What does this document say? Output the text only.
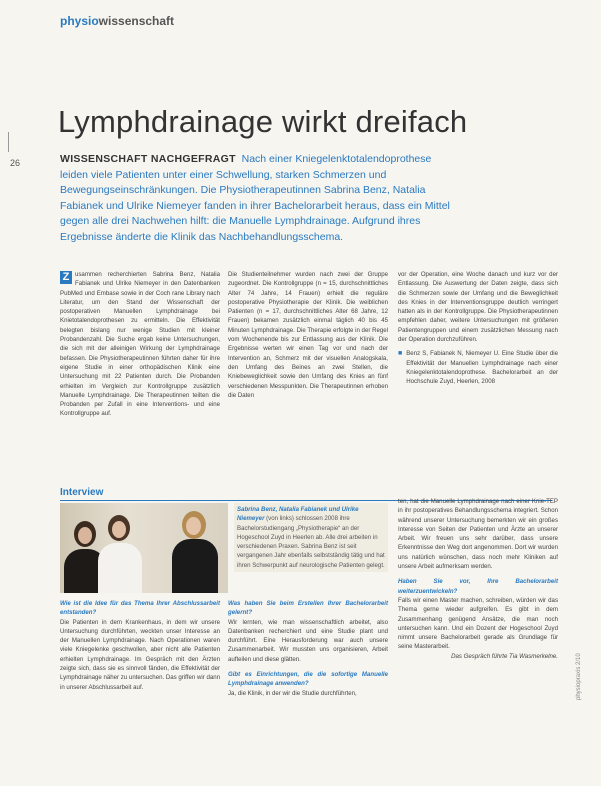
physiowissenschaft
Lymphdrainage wirkt dreifach
26	WISSENSCHAFT NACHGEFRAGT Nach einer Kniegelenktotalendoprothese leiden viele Patienten unter einer Schwellung, starken Schmerzen und Bewegungseinschränkungen. Die Physiotherapeutinnen Sabrina Benz, Natalia Fabianek und Ulrike Niemeyer fanden in ihrer Bachelorarbeit heraus, dass ein Mittel gegen alle drei Nachwehen hilft: die Manuelle Lymphdrainage. Aufgrund ihres Ergebnisse änderte die Klinik das Nachbehandlungsschema.
Z usammen recherchierten Sabrina Benz, Natalia Fabianek und Ulrike Niemeyer in den Datenbanken PubMed und Embase sowie in der Coch rane Library nach Literatur, um den Stand der Wissenschaft der postoperativen Manuellen Lymphdrainage bei Knietotalendoprothesen zu ermitteln. Die Effektivität belegten bislang nur wenige Studien mit kleiner Probandenzahl. Die Suche ergab keine Untersuchungen, die sich mit der alleinigen Wirkung der Lymphdrainage befassen. Die Physiotherapeutinnen führten daher für ihre eigene Studie in einer orthopädischen Klinik eine Untersuchung mit 22 Patienten durch. Die Probanden erhielten im Vergleich zur Kontrollgruppe zusätzlich Manuelle Lymphdrainage. Die Therapeutinnen teilten die Probanden per Zufall in eine Interventions- und eine Kontrollgruppe auf.
Die Studienteilnehmer wurden nach zwei der Gruppe zugeordnet. Die Kontrollgruppe (n = 15, durchschnittliches Alter 74 Jahre, 14 Frauen) erhielt die reguläre postoperative Physiotherapie der Klinik. Die weiblichen Patienten (n = 17, durchschnittliches Alter 68 Jahre, 12 Frauen) bekamen zusätzlich einmal täglich 40 bis 45 Minuten Lymphdrainage. Die Therapie erfolgte in der Regel vom Wochenende bis zur Entlassung aus der Klinik. Die Ergebnisse werten wir einen Tag vor und nach der Intervention an, Schmerz mit der visuellen Analogskala, den Umfang des Beines an zwei Stellen, die Kniebeweglichkeit sowie den Umfang des Knies an fünf verschiedenen Messpunkten. Die Therapeutinnen erhoben die Daten

vor der Operation, eine Woche danach und kurz vor der Entlassung. Die Auswertung der Daten zeigte, dass sich die Schmerzen sowie der Umfang und die Beweglichkeit des Knies in der Interventionsgruppe deutlich verringert hatten als in der Kontrollgruppe. Die Physiotherapeutinnen empfehlen daher, weitere Untersuchungen mit größeren Patientengruppen und einem zusätzlichen Messung nach der Operation durchzuführen.

■ Benz S, Fabianek N, Niemeyer U. Eine Studie über die Effektivität der Manuellen Lymphdrainage nach einer Kniegelenktotalendoprothese. Bachelorarbeit an der Hochschule Zuyd, Heerlen, 2008
Interview
Sabrina Benz, Natalia Fabianek und Ulrike Niemeyer (von links) schlossen 2008 ihre Bachelorstudiengang „Physiotherapie“ an der Hogeschool Zuyd in Heerlen ab. Alle drei arbeiten in verschiedenen Praxen. Sabrina Benz ist seit vergangenen Jahr ebenfalls selbstständig tätig und hat ihren Schwerpunkt auf neurologische Patienten gelegt.

Wie ist die Idee für das Thema Ihrer Abschlussarbeit entstanden?

Die Patienten in dem Krankenhaus, in dem wir unsere Untersuchung durchführten, weckten unser Interesse an der Manuellen Lymphdrainage. Nach Operationen waren viele Kniegelenke geschwollen, aber nicht alle Patienten erhielten Lymphdrainage. Im Gespräch mit den Ärzten zeigte sich, dass sie es sinnvoll fänden, die Effektivität der Lymphdrainage näher zu untersuchen. Das griffen wir dann in unserer Abschlussarbeit auf.

Was haben Sie beim Erstellen Ihrer Bachelorarbeit gelernt?

Wir lernten, wie man wissenschaftlich arbeitet, also Datenbanken recherchiert und eine Studie plant und durchführt. Eine Herausforderung war auch unsere Zusammenarbeit. Wir mussten uns organisieren, Arbeit aufteilen und diese glätten.

Gibt es Einrichtungen, die die sofortige Manuelle Lymphdrainage anwenden?

Ja, die Klinik, in der wir die Studie durchführten,

ten, hat die Manuelle Lymphdrainage nach einer Knie-TEP in ihr postoperatives Behandlungsschema integriert. Schon während unserer Untersuchung bemerkten wir ein großes Interesse von Seiten der Patienten und Ärzte an unserer Arbeit. Wir freuen uns sehr darüber, dass unsere Erkenntnisse den Weg dort angenommen. Dort wir wurden uns natürlich wünschen, dass noch mehr Kliniken auf unsere Arbeit aufmerksam werden.

Haben Sie vor, Ihre Bachelorarbeit weiterzuentwickeln?

Falls wir einen Master machen, schreiben, würden wir das Thema gerne wieder aufgreifen. Es gibt in dem Zusammenhang genügend Ansätze, die man noch untersuchen kann. Und ein Dozent der Hogeschool Zuyd nimmt unsere Bachelorarbeit gerade als Grundlage für seine Masterarbeit.

Das Gespräch führte Tia Wasmerkelne.	physiopraxis 2/10
